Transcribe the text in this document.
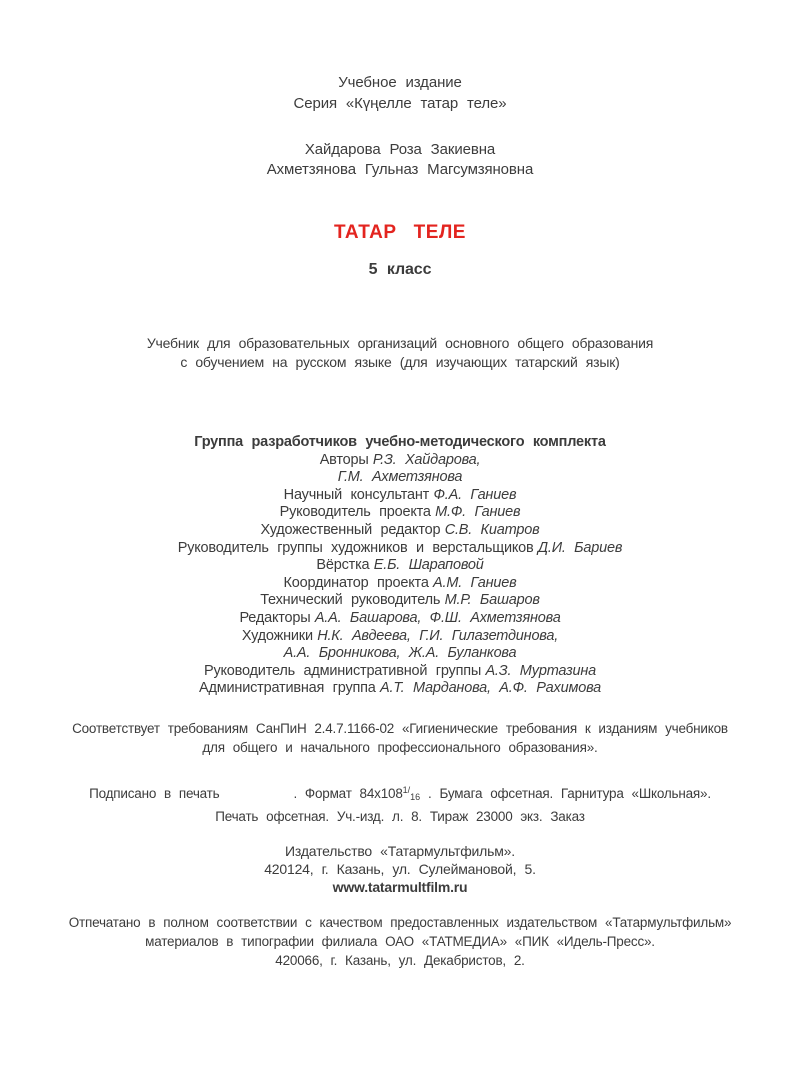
Учебное издание
Серия «Күңелле татар теле»
Хайдарова Роза Закиевна
Ахметзянова Гульназ Магсумзяновна
ТАТАР ТЕЛЕ
5 класс
Учебник для образовательных организаций основного общего образования
с обучением на русском языке (для изучающих татарский язык)
Группа разработчиков учебно-методического комплекта
Авторы Р.З. Хайдарова,
Г.М. Ахметзянова
Научный консультант Ф.А. Ганиев
Руководитель проекта М.Ф. Ганиев
Художественный редактор С.В. Киатров
Руководитель группы художников и верстальщиков Д.И. Бариев
Вёрстка Е.Б. Шараповой
Координатор проекта А.М. Ганиев
Технический руководитель М.Р. Башаров
Редакторы А.А. Башарова, Ф.Ш. Ахметзянова
Художники Н.К. Авдеева, Г.И. Гилазетдинова,
А.А. Бронникова, Ж.А. Буланкова
Руководитель административной группы А.З. Муртазина
Административная группа А.Т. Марданова, А.Ф. Рахимова
Соответствует требованиям СанПиН 2.4.7.1166-02 «Гигиенические требования к изданиям учебников
для общего и начального профессионального образования».
Подписано в печать	. Формат $84х108^{1/}16$ . Бумага офсетная. Гарнитура «Школьная».
Печать офсетная. Уч.-изд. л. 8. Тираж 23000 экз. Заказ
Издательство «Татармультфильм».
420124, г. Казань, ул. Сулеймановой, 5.
www.tatarmultfilm.ru
Отпечатано в полном соответствии с качеством предоставленных издательством «Татармультфильм»
материалов в типографии филиала ОАО «ТАТМЕДИА» «ПИК «Идель-Пресс».
420066, г. Казань, ул. Декабристов, 2.
